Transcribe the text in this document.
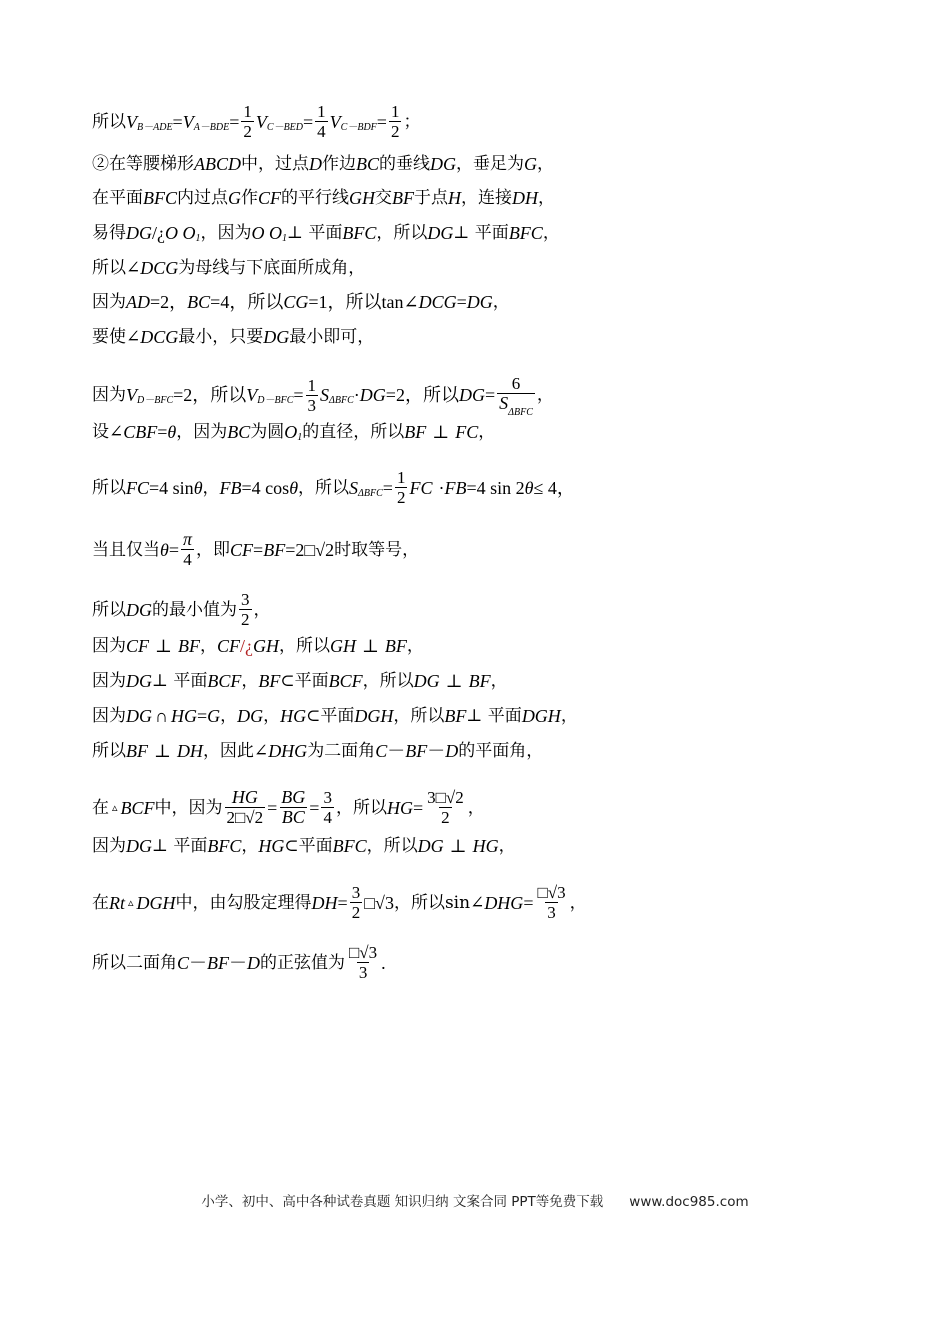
所以 V B－ADE = V $A-BDE = \frac{1}{2}$ V $C-BED = \frac{1}{4}$ V $C-BDF = \frac{1}{2}$ ；
②在等腰梯形 ABCD 中，过点 D 作边 BC 的垂线 DG ，垂足为 G ，
在平面 BFC 内过点 G 作 CF 的平行线 GH 交 BF 于点 H ，连接 DH ，
易得 DG /¿ O O 1 ，因为 O O 1 ⊥ 平面 BFC ，所以 DG ⊥ 平面 BFC ，
所以∠ DCG 为母线与下底面所成角，
因为 AD =2， BC =4，所以 CG =1，所以tan∠ DCG = DG ，
要使∠ DCG 最小，只要 DG 最小即可，
因为 V D－BFC =2，所以 V $D-BFC = \frac{1}{3}$ S ΔBFC · DG =2，所以 DG = $\frac{6}{S_{\Delta BFC}}$ ，
设∠ CBF = θ ，因为 BC 为圆 O 1 的直径，所以 BF ⊥ FC ，
所以 FC =4 sin θ ， FB =4 cos θ ，所以 S $\Delta BFC = \frac{1}{2}$ FC · FB =4 sin 2 θ ≤ 4，
当且仅当 $\theta = \frac{\pi}{4}$ ，即 CF = BF =2 □√2 时取等号，
所以 DG 的最小值为 $\frac{3}{2}$ ，
因为 CF ⊥ BF ， CF /¿ GH ，所以 GH ⊥ BF ，
因为 DG ⊥ 平面 BCF ， BF ⊂平面 BCF ，所以 DG ⊥ BF ，
因为 DG ∩ HG = G ， DG ， HG ⊂平面 DGH ，所以 BF ⊥ 平面 DGH ，
所以 BF ⊥ DH ，因此∠ DHG 为二面角 C － BF － D 的平面角，
在 ▵ BCF 中，因为 $\frac{HG}{2□√2} = \frac{BG}{BC} = \frac{3}{4}$ ，所以 HG = $\frac{3□√2}{2}$ ，
因为 DG ⊥ 平面 BFC ， HG ⊂平面 BFC ，所以 DG ⊥ HG ，
在 Rt ▵ DGH 中，由勾股定理得 DH = $\frac{3}{2}$ □√3 ，所以sin∠ DHG = $\frac{□√3}{3}$ ，
所以二面角 C － BF － D 的正弦值为 $\frac{□√3}{3}$ .
小学、初中、高中各种试卷真题 知识归纳 文案合同 PPT等免费下载 www.doc985.com
